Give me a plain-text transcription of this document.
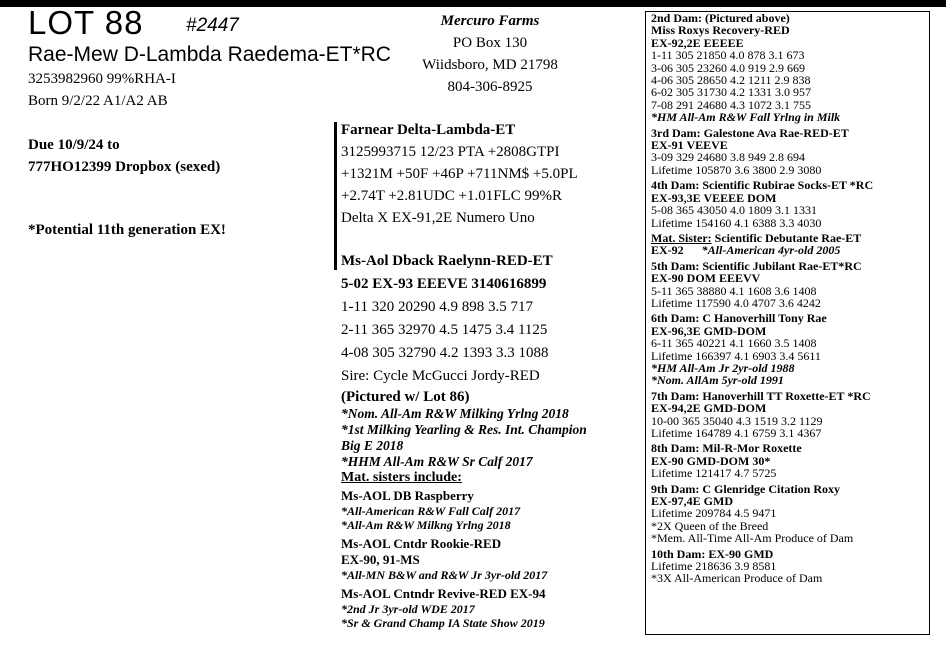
LOT 88 #2447
Rae-Mew D-Lambda Raedema-ET*RC
3253982960 99%RHA-I
Born 9/2/22 A1/A2 AB
Due 10/9/24 to
777HO12399 Dropbox (sexed)
*Potential 11th generation EX!
Mercuro Farms
PO Box 130
Wiidsboro, MD 21798
804-306-8925
Farnear Delta-Lambda-ET
3125993715 12/23 PTA +2808GTPI
+1321M +50F +46P +711NM$ +5.0PL
+2.74T +2.81UDC +1.01FLC 99%R
Delta X EX-91,2E Numero Uno
Ms-Aol Dback Raelynn-RED-ET
5-02 EX-93 EEEVE 3140616899
1-11 320 20290 4.9 898 3.5 717
2-11 365 32970 4.5 1475 3.4 1125
4-08 305 32790 4.2 1393 3.3 1088
Sire: Cycle McGucci Jordy-RED
(Pictured w/ Lot 86)
*Nom. All-Am R&W Milking Yrlng 2018
*1st Milking Yearling & Res. Int. Champion
Big E 2018
*HHM All-Am R&W Sr Calf 2017
Mat. sisters include:
Ms-AOL DB Raspberry
*All-American R&W Fall Calf 2017
*All-Am R&W Milkng Yrlng 2018
Ms-AOL Cntdr Rookie-RED
EX-90, 91-MS
*All-MN B&W and R&W Jr 3yr-old 2017
Ms-AOL Cntndr Revive-RED EX-94
*2nd Jr 3yr-old WDE 2017
*Sr & Grand Champ IA State Show 2019
2nd Dam: (Pictured above)
Miss Roxys Recovery-RED
EX-92,2E EEEEE
1-11 305 21850 4.0 878 3.1 673
3-06 305 23260 4.0 919 2.9 669
4-06 305 28650 4.2 1211 2.9 838
6-02 305 31730 4.2 1331 3.0 957
7-08 291 24680 4.3 1072 3.1 755
*HM All-Am R&W Fall Yrlng in Milk
3rd Dam: Galestone Ava Rae-RED-ET
EX-91 VEEVE
3-09 329 24680 3.8 949 2.8 694
Lifetime 105870 3.6 3800 2.9 3080
4th Dam: Scientific Rubirae Socks-ET *RC
EX-93,3E VEEEE DOM
5-08 365 43050 4.0 1809 3.1 1331
Lifetime 154160 4.1 6388 3.3 4030
Mat. Sister: Scientific Debutante Rae-ET
EX-92 *All-American 4yr-old 2005
5th Dam: Scientific Jubilant Rae-ET*RC
EX-90 DOM EEEVV
5-11 365 38880 4.1 1608 3.6 1408
Lifetime 117590 4.0 4707 3.6 4242
6th Dam: C Hanoverhill Tony Rae
EX-96,3E GMD-DOM
6-11 365 40221 4.1 1660 3.5 1408
Lifetime 166397 4.1 6903 3.4 5611
*HM All-Am Jr 2yr-old 1988
*Nom. AllAm 5yr-old 1991
7th Dam: Hanoverhill TT Roxette-ET *RC
EX-94,2E GMD-DOM
10-00 365 35040 4.3 1519 3.2 1129
Lifetime 164789 4.1 6759 3.1 4367
8th Dam: Mil-R-Mor Roxette
EX-90 GMD-DOM 30*
Lifetime 121417 4.7 5725
9th Dam: C Glenridge Citation Roxy
EX-97,4E GMD
Lifetime 209784 4.5 9471
*2X Queen of the Breed
*Mem. All-Time All-Am Produce of Dam
10th Dam: EX-90 GMD
Lifetime 218636 3.9 8581
*3X All-American Produce of Dam
